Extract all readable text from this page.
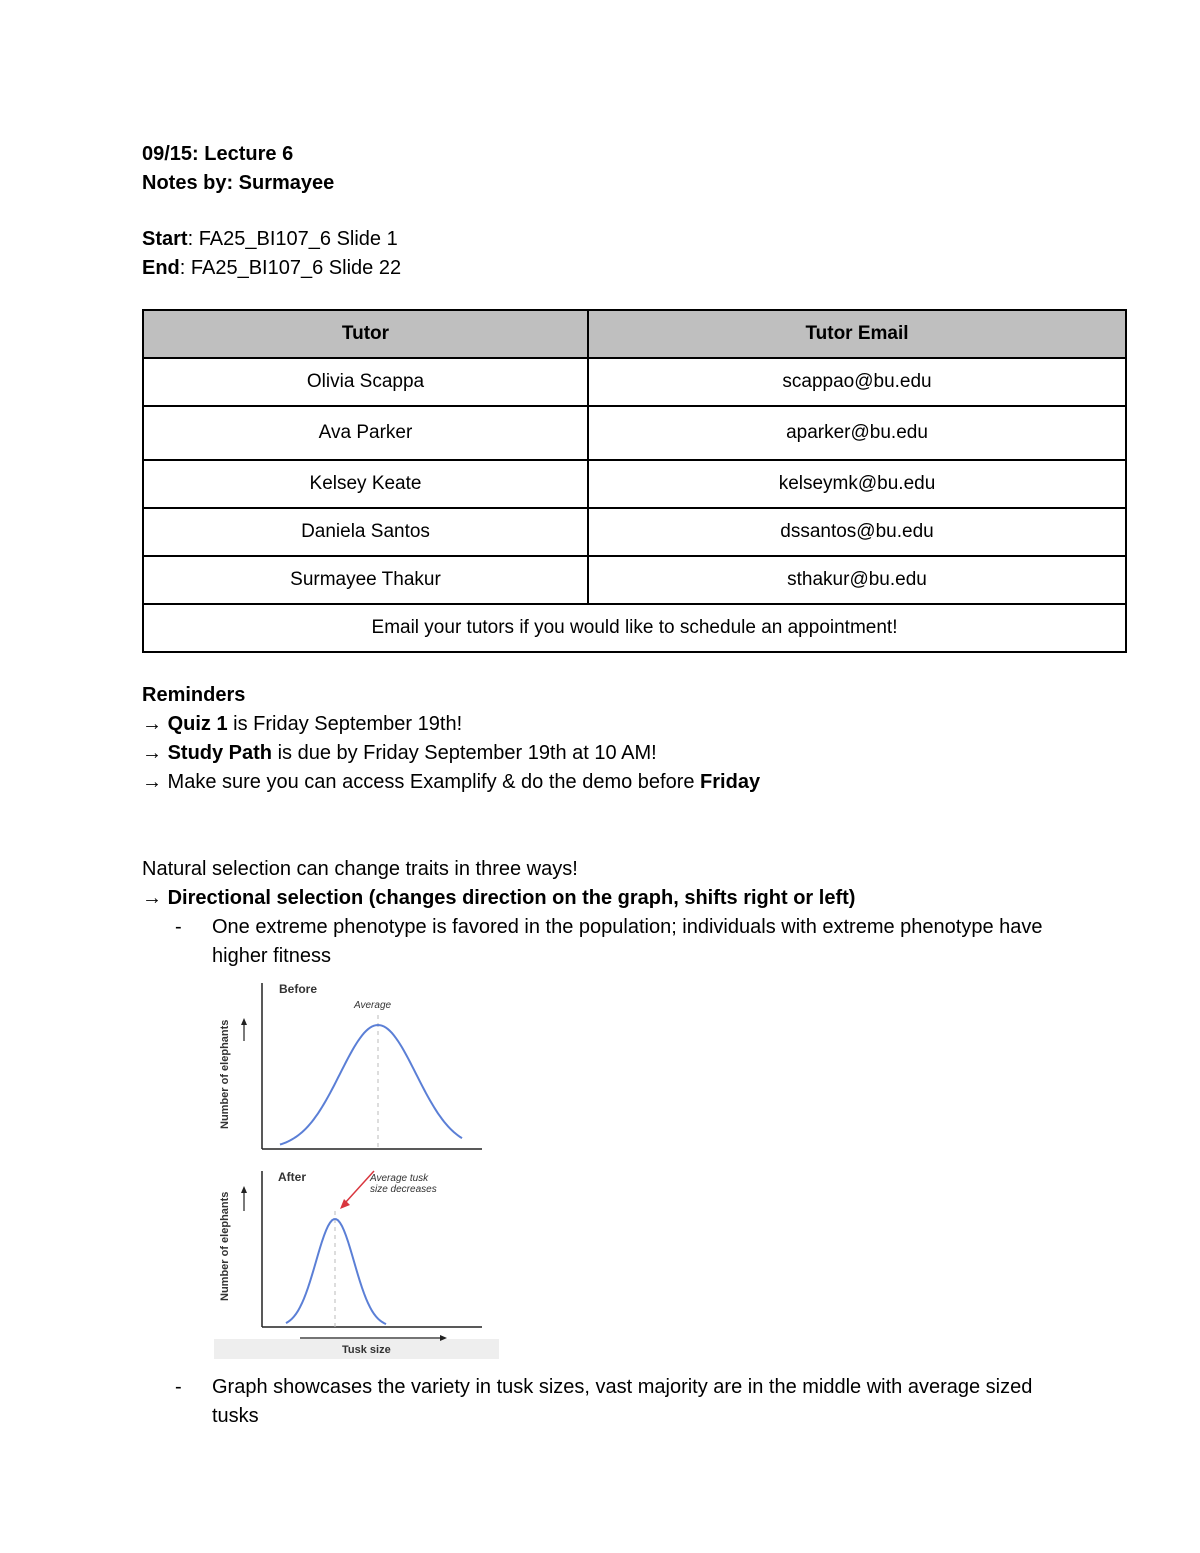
09/15: Lecture 6
Notes by: Surmayee
Start: FA25_BI107_6 Slide 1
End: FA25_BI107_6 Slide 22
Tutor	Tutor Email
Olivia Scappa	scappao@bu.edu
Ava Parker	aparker@bu.edu
Kelsey Keate	kelseymk@bu.edu
Daniela Santos	dssantos@bu.edu
Surmayee Thakur	sthakur@bu.edu
Email your tutors if you would like to schedule an appointment!	
Reminders
→ Quiz 1 is Friday September 19th!
→ Study Path is due by Friday September 19th at 10 AM!
→ Make sure you can access Examplify & do the demo before Friday
Natural selection can change traits in three ways!
→ Directional selection (changes direction on the graph, shifts right or left)
- One extreme phenotype is favored in the population; individuals with extreme phenotype have higher fitness
Before
Average
Number of elephants
After	Average tusk
size decreases
Number of elephants
Tusk size
- Graph showcases the variety in tusk sizes, vast majority are in the middle with average sized tusks
